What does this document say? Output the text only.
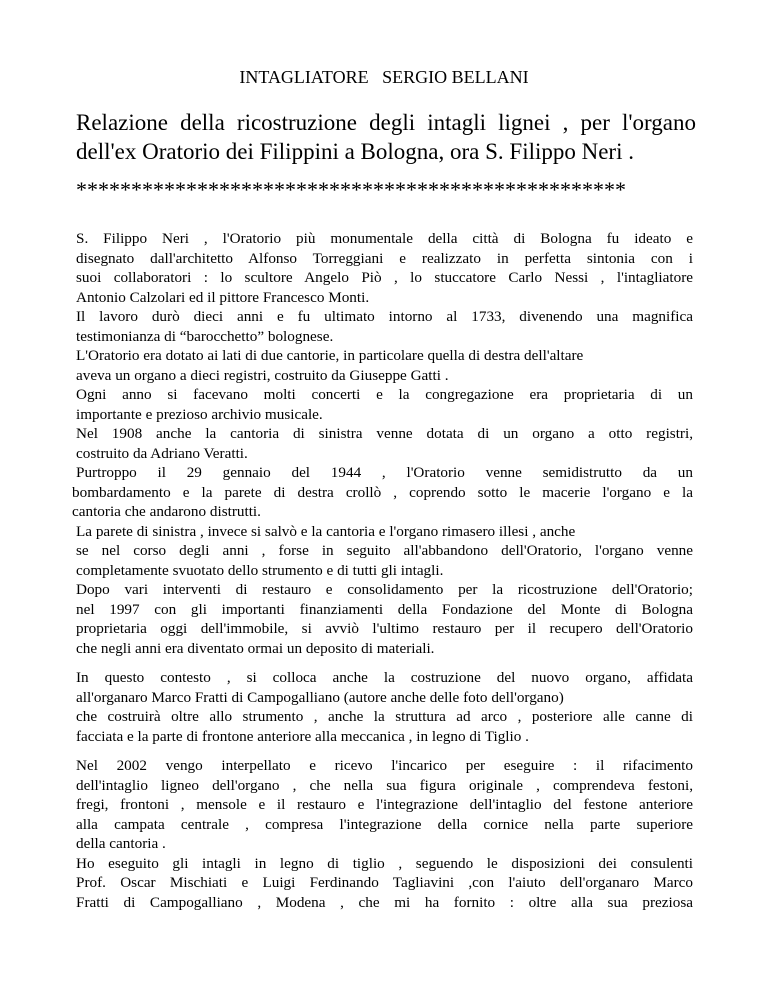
INTAGLIATORE   SERGIO BELLANI
Relazione della ricostruzione degli intagli lignei , per l'organo
dell'ex Oratorio dei Filippini a Bologna, ora S. Filippo Neri .
**************************************************
S. Filippo Neri , l'Oratorio più monumentale della città di Bologna fu ideato e
disegnato dall'architetto Alfonso Torreggiani e realizzato in perfetta sintonia con i
suoi collaboratori : lo scultore Angelo Piò , lo stuccatore Carlo Nessi , l'intagliatore
Antonio Calzolari ed il pittore Francesco Monti.
Il lavoro durò dieci anni e fu ultimato intorno al 1733, divenendo una magnifica
testimonianza di “barocchetto” bolognese.
L'Oratorio era dotato ai lati di due cantorie, in particolare quella di destra dell'altare
aveva un organo a dieci registri, costruito da Giuseppe Gatti .
Ogni anno si facevano molti concerti e la congregazione era proprietaria di un
importante e prezioso archivio musicale.
Nel 1908 anche la cantoria di sinistra venne dotata di un organo a otto registri,
costruito da Adriano Veratti.
Purtroppo il 29 gennaio del 1944 , l'Oratorio venne semidistrutto da un
bombardamento e la parete di destra crollò , coprendo sotto le macerie l'organo e la
cantoria che andarono distrutti.
La parete di sinistra , invece si salvò e la cantoria e l'organo rimasero illesi , anche
se nel corso degli anni , forse in seguito all'abbandono dell'Oratorio, l'organo venne
completamente svuotato dello strumento e di tutti gli intagli.
Dopo vari interventi di restauro e consolidamento per la ricostruzione dell'Oratorio;
nel 1997 con gli importanti finanziamenti della Fondazione del Monte di Bologna
proprietaria oggi dell'immobile, si avviò l'ultimo restauro per il recupero dell'Oratorio
che negli anni era diventato ormai un deposito di materiali.
In questo contesto , si colloca anche la costruzione del nuovo organo, affidata
all'organaro Marco Fratti di Campogalliano (autore anche delle foto dell'organo)
che costruirà oltre allo strumento , anche la struttura ad arco , posteriore alle canne di
facciata e la parte di frontone anteriore alla meccanica , in legno di Tiglio .
Nel 2002 vengo interpellato e ricevo l'incarico per eseguire : il rifacimento
dell'intaglio ligneo dell'organo , che nella sua figura originale , comprendeva festoni,
fregi, frontoni , mensole e il restauro e l'integrazione dell'intaglio del festone anteriore
alla campata centrale , compresa l'integrazione della cornice nella parte superiore
della cantoria .
Ho eseguito gli intagli in legno di tiglio , seguendo le disposizioni dei consulenti
Prof. Oscar Mischiati e Luigi Ferdinando Tagliavini ,con l'aiuto dell'organaro Marco
Fratti di Campogalliano , Modena , che mi ha fornito : oltre alla sua preziosa
